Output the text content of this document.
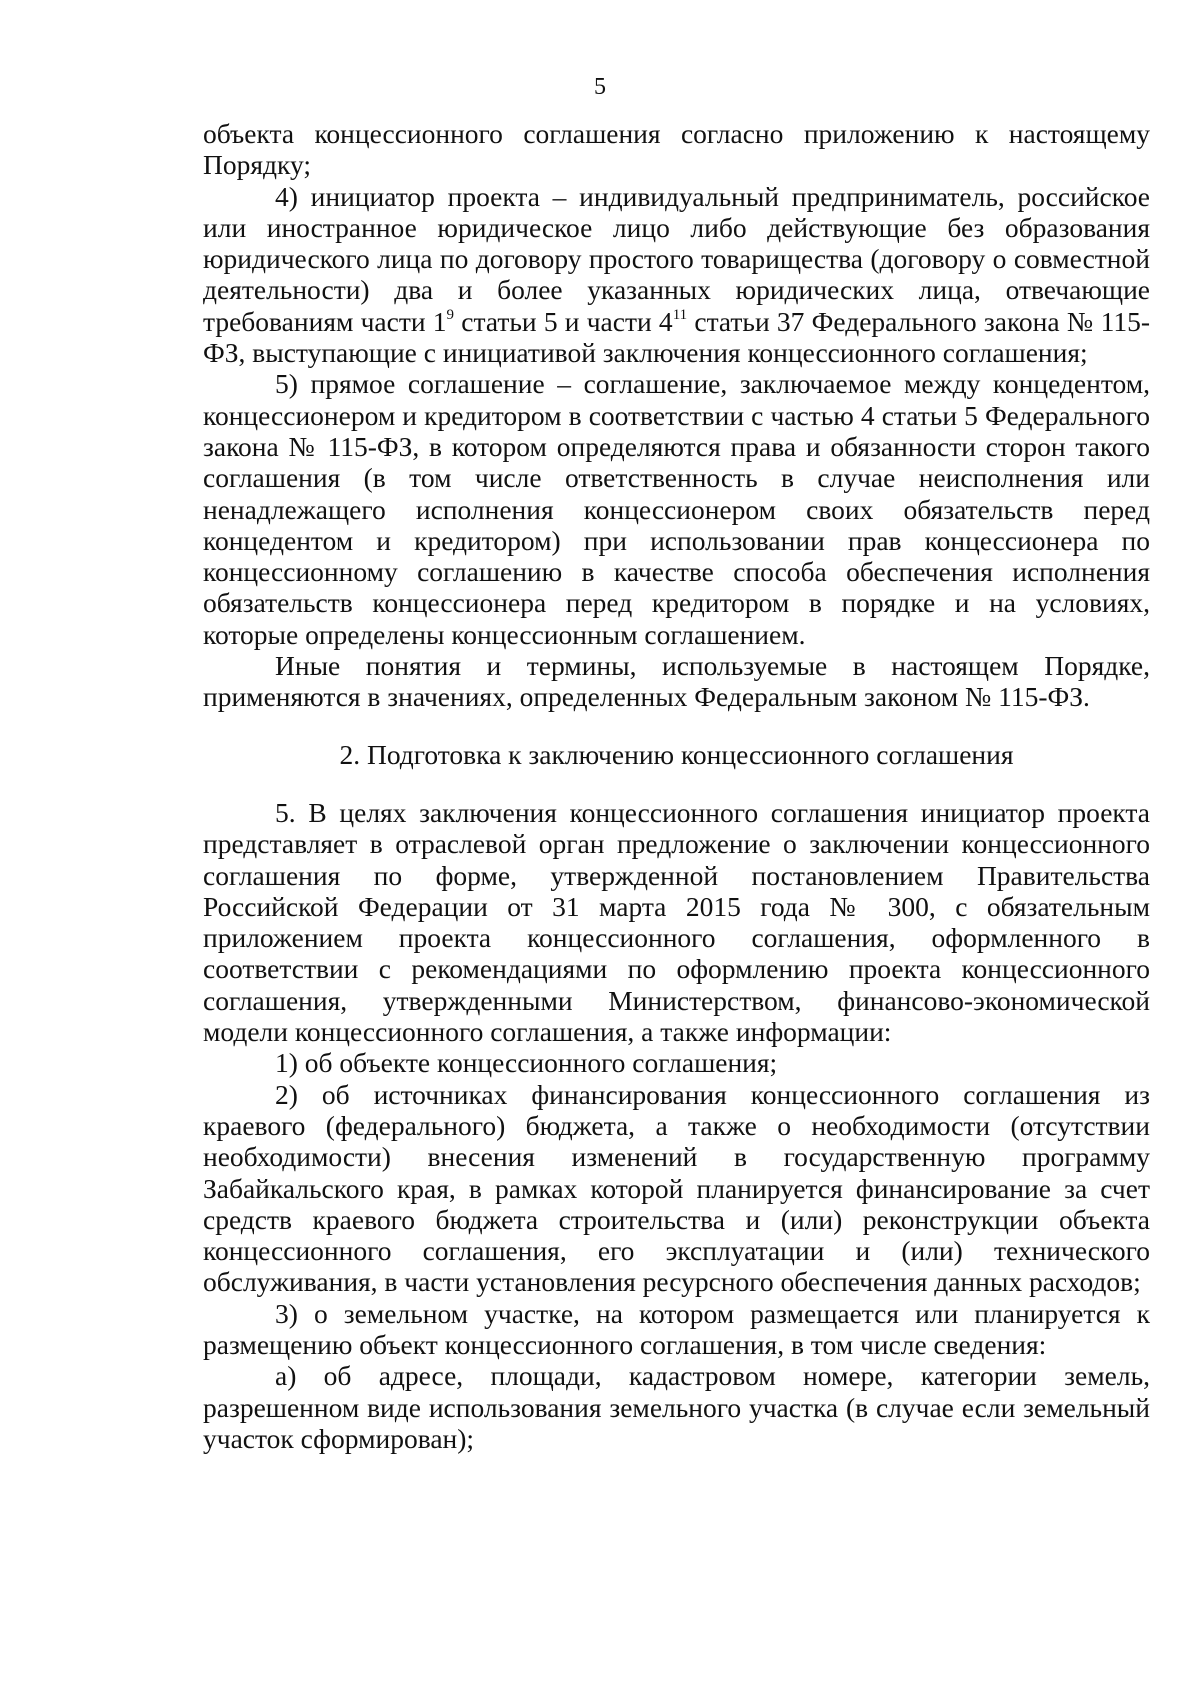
5

объекта концессионного соглашения согласно приложению к настоящему Порядку;

4) инициатор проекта – индивидуальный предприниматель, российское или иностранное юридическое лицо либо действующие без образования юридического лица по договору простого товарищества (договору о совместной деятельности) два и более указанных юридических лица, отвечающие требованиям части $1^9$ статьи 5 и части $4^{11}$ статьи 37 Федерального закона № 115-ФЗ, выступающие с инициативой заключения концессионного соглашения;

5) прямое соглашение – соглашение, заключаемое между концедентом, концессионером и кредитором в соответствии с частью 4 статьи 5 Федерального закона № 115-ФЗ, в котором определяются права и обязанности сторон такого соглашения (в том числе ответственность в случае неисполнения или ненадлежащего исполнения концессионером своих обязательств перед концедентом и кредитором) при использовании прав концессионера по концессионному соглашению в качестве способа обеспечения исполнения обязательств концессионера перед кредитором в порядке и на условиях, которые определены концессионным соглашением.

Иные понятия и термины, используемые в настоящем Порядке, применяются в значениях, определенных Федеральным законом № 115-ФЗ.

2. Подготовка к заключению концессионного соглашения

5. В целях заключения концессионного соглашения инициатор проекта представляет в отраслевой орган предложение о заключении концессионного соглашения по форме, утвержденной постановлением Правительства Российской Федерации от 31 марта 2015 года № 300, с обязательным приложением проекта концессионного соглашения, оформленного в соответствии с рекомендациями по оформлению проекта концессионного соглашения, утвержденными Министерством, финансово-экономической модели концессионного соглашения, а также информации:

1) об объекте концессионного соглашения;

2) об источниках финансирования концессионного соглашения из краевого (федерального) бюджета, а также о необходимости (отсутствии необходимости) внесения изменений в государственную программу Забайкальского края, в рамках которой планируется финансирование за счет средств краевого бюджета строительства и (или) реконструкции объекта концессионного соглашения, его эксплуатации и (или) технического обслуживания, в части установления ресурсного обеспечения данных расходов;

3) о земельном участке, на котором размещается или планируется к размещению объект концессионного соглашения, в том числе сведения:

а) об адресе, площади, кадастровом номере, категории земель, разрешенном виде использования земельного участка (в случае если земельный участок сформирован);
